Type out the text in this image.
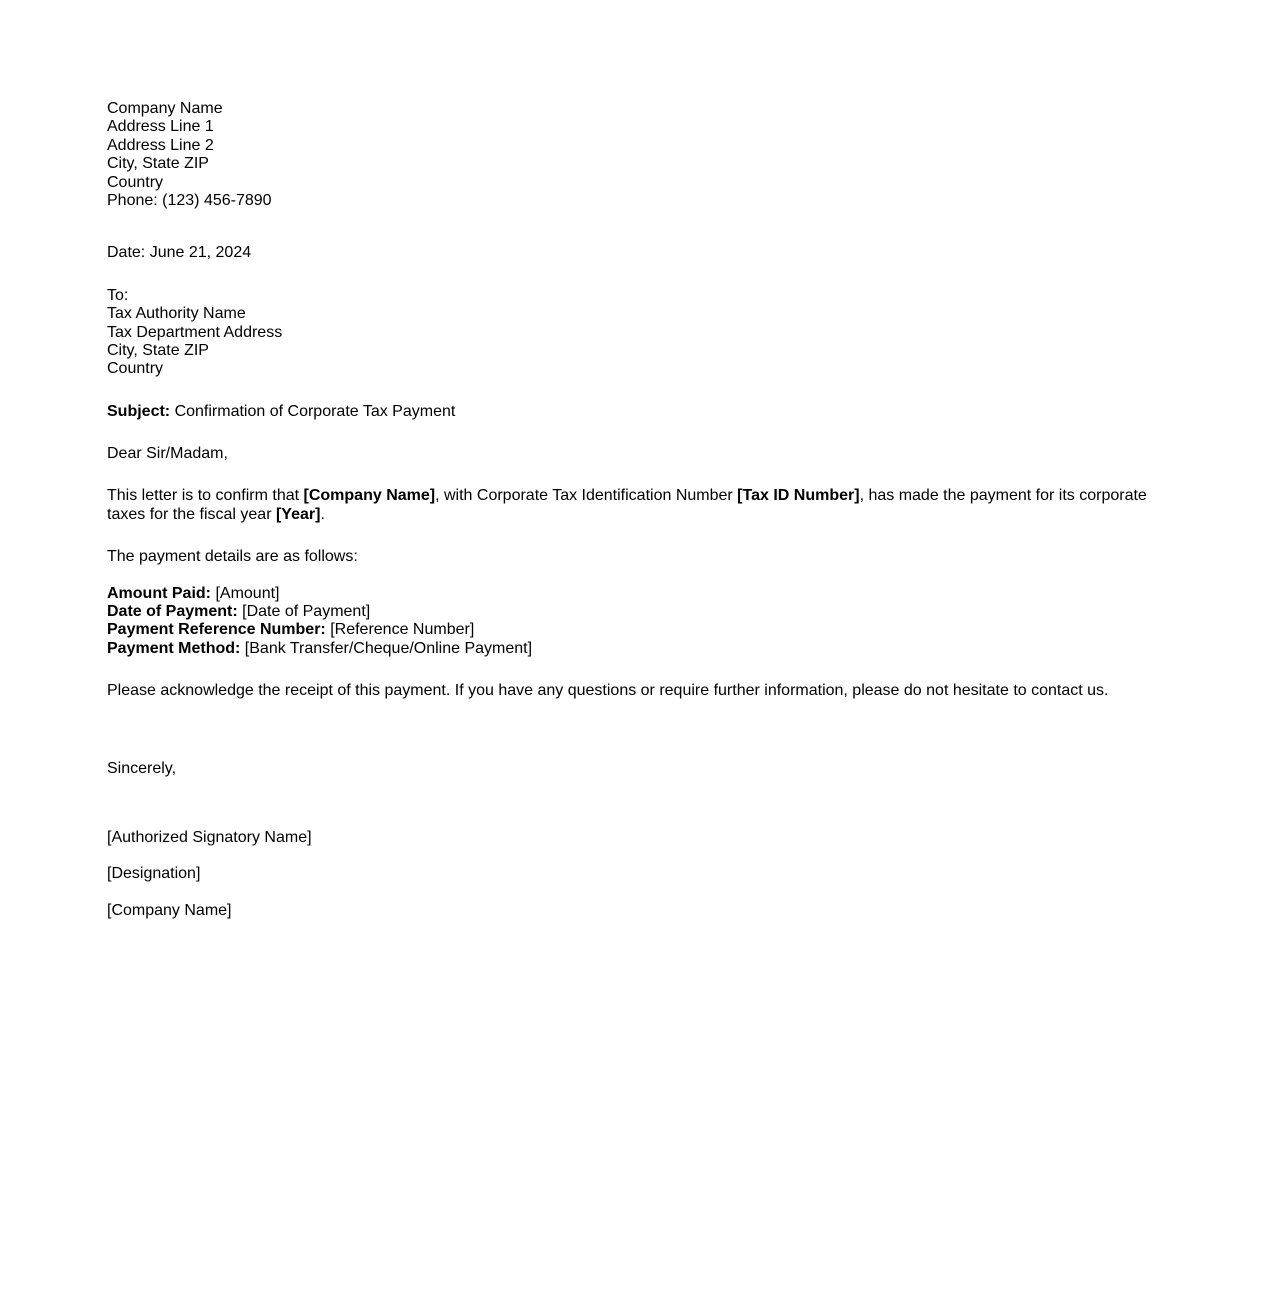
Company Name
Address Line 1
Address Line 2
City, State ZIP
Country
Phone: (123) 456-7890

Date: June 21, 2024

To:
Tax Authority Name
Tax Department Address
City, State ZIP
Country

Subject: Confirmation of Corporate Tax Payment

Dear Sir/Madam,

This letter is to confirm that [Company Name], with Corporate Tax Identification Number [Tax ID Number], has made the payment for its corporate taxes for the fiscal year [Year].

The payment details are as follows:

Amount Paid: [Amount]
Date of Payment: [Date of Payment]
Payment Reference Number: [Reference Number]
Payment Method: [Bank Transfer/Cheque/Online Payment]

Please acknowledge the receipt of this payment. If you have any questions or require further information, please do not hesitate to contact us.

Sincerely,

[Authorized Signatory Name]

[Designation]

[Company Name]
